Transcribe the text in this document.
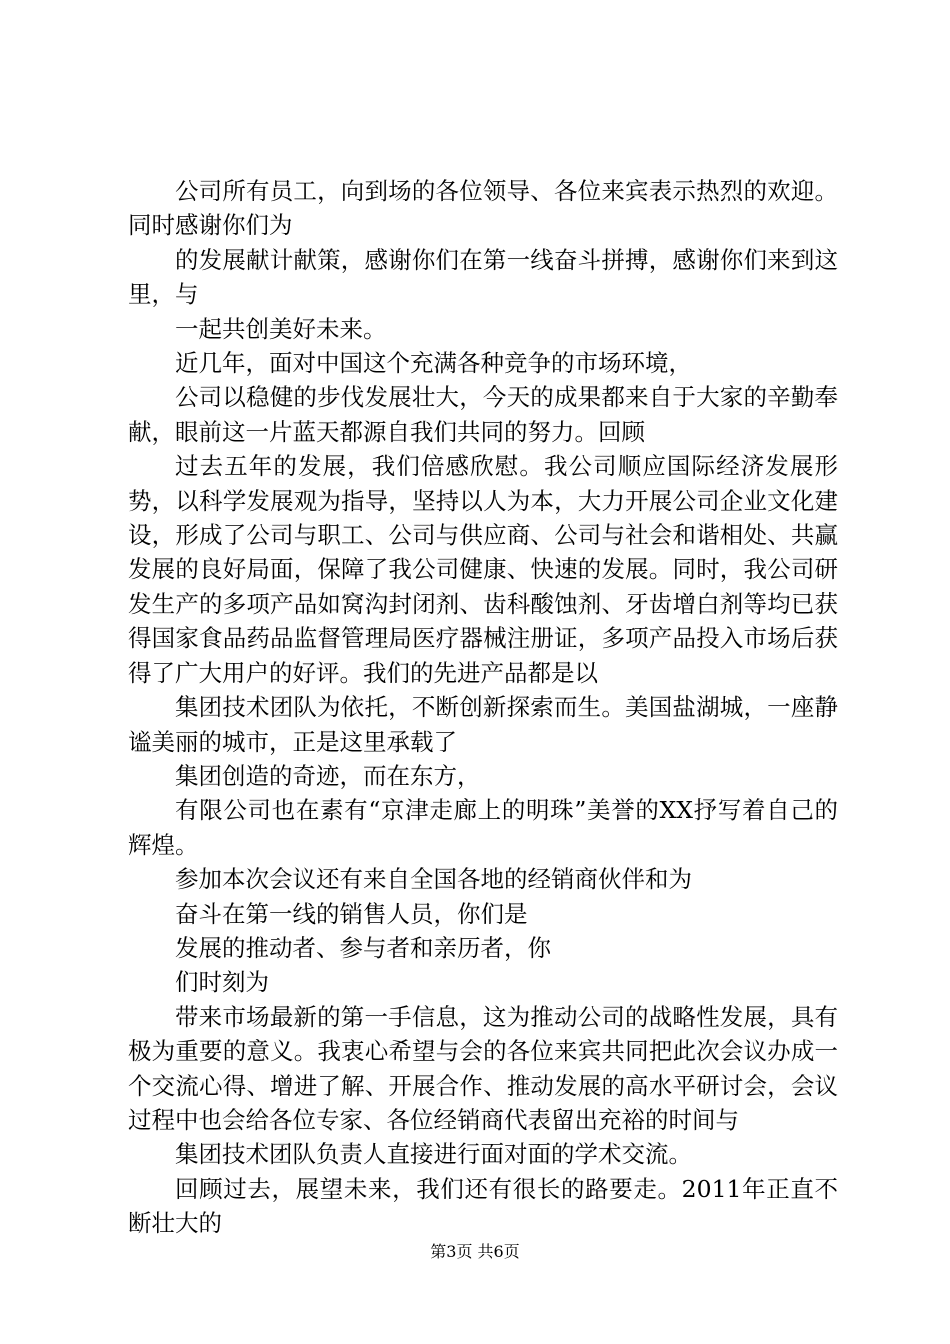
公司所有员工，向到场的各位领导、各位来宾表示热烈的欢迎。同时感谢你们为

的发展献计献策，感谢你们在第一线奋斗拼搏，感谢你们来到这里，与

一起共创美好未来。

近几年，面对中国这个充满各种竞争的市场环境，

公司以稳健的步伐发展壮大，今天的成果都来自于大家的辛勤奉献，眼前这一片蓝天都源自我们共同的努力。回顾

过去五年的发展，我们倍感欣慰。我公司顺应国际经济发展形势，以科学发展观为指导，坚持以人为本，大力开展公司企业文化建设，形成了公司与职工、公司与供应商、公司与社会和谐相处、共赢发展的良好局面，保障了我公司健康、快速的发展。同时，我公司研发生产的多项产品如窝沟封闭剂、齿科酸蚀剂、牙齿增白剂等均已获得国家食品药品监督管理局医疗器械注册证，多项产品投入市场后获得了广大用户的好评。我们的先进产品都是以

集团技术团队为依托，不断创新探索而生。美国盐湖城，一座静谧美丽的城市，正是这里承载了

集团创造的奇迹，而在东方，

有限公司也在素有“京津走廊上的明珠”美誉的XX抒写着自己的辉煌。

参加本次会议还有来自全国各地的经销商伙伴和为

奋斗在第一线的销售人员，你们是

发展的推动者、参与者和亲历者，你

们时刻为

带来市场最新的第一手信息，这为推动公司的战略性发展，具有极为重要的意义。我衷心希望与会的各位来宾共同把此次会议办成一个交流心得、增进了解、开展合作、推动发展的高水平研讨会，会议过程中也会给各位专家、各位经销商代表留出充裕的时间与

集团技术团队负责人直接进行面对面的学术交流。

回顾过去，展望未来，我们还有很长的路要走。2011年正直不断壮大的

第3页 共6页
